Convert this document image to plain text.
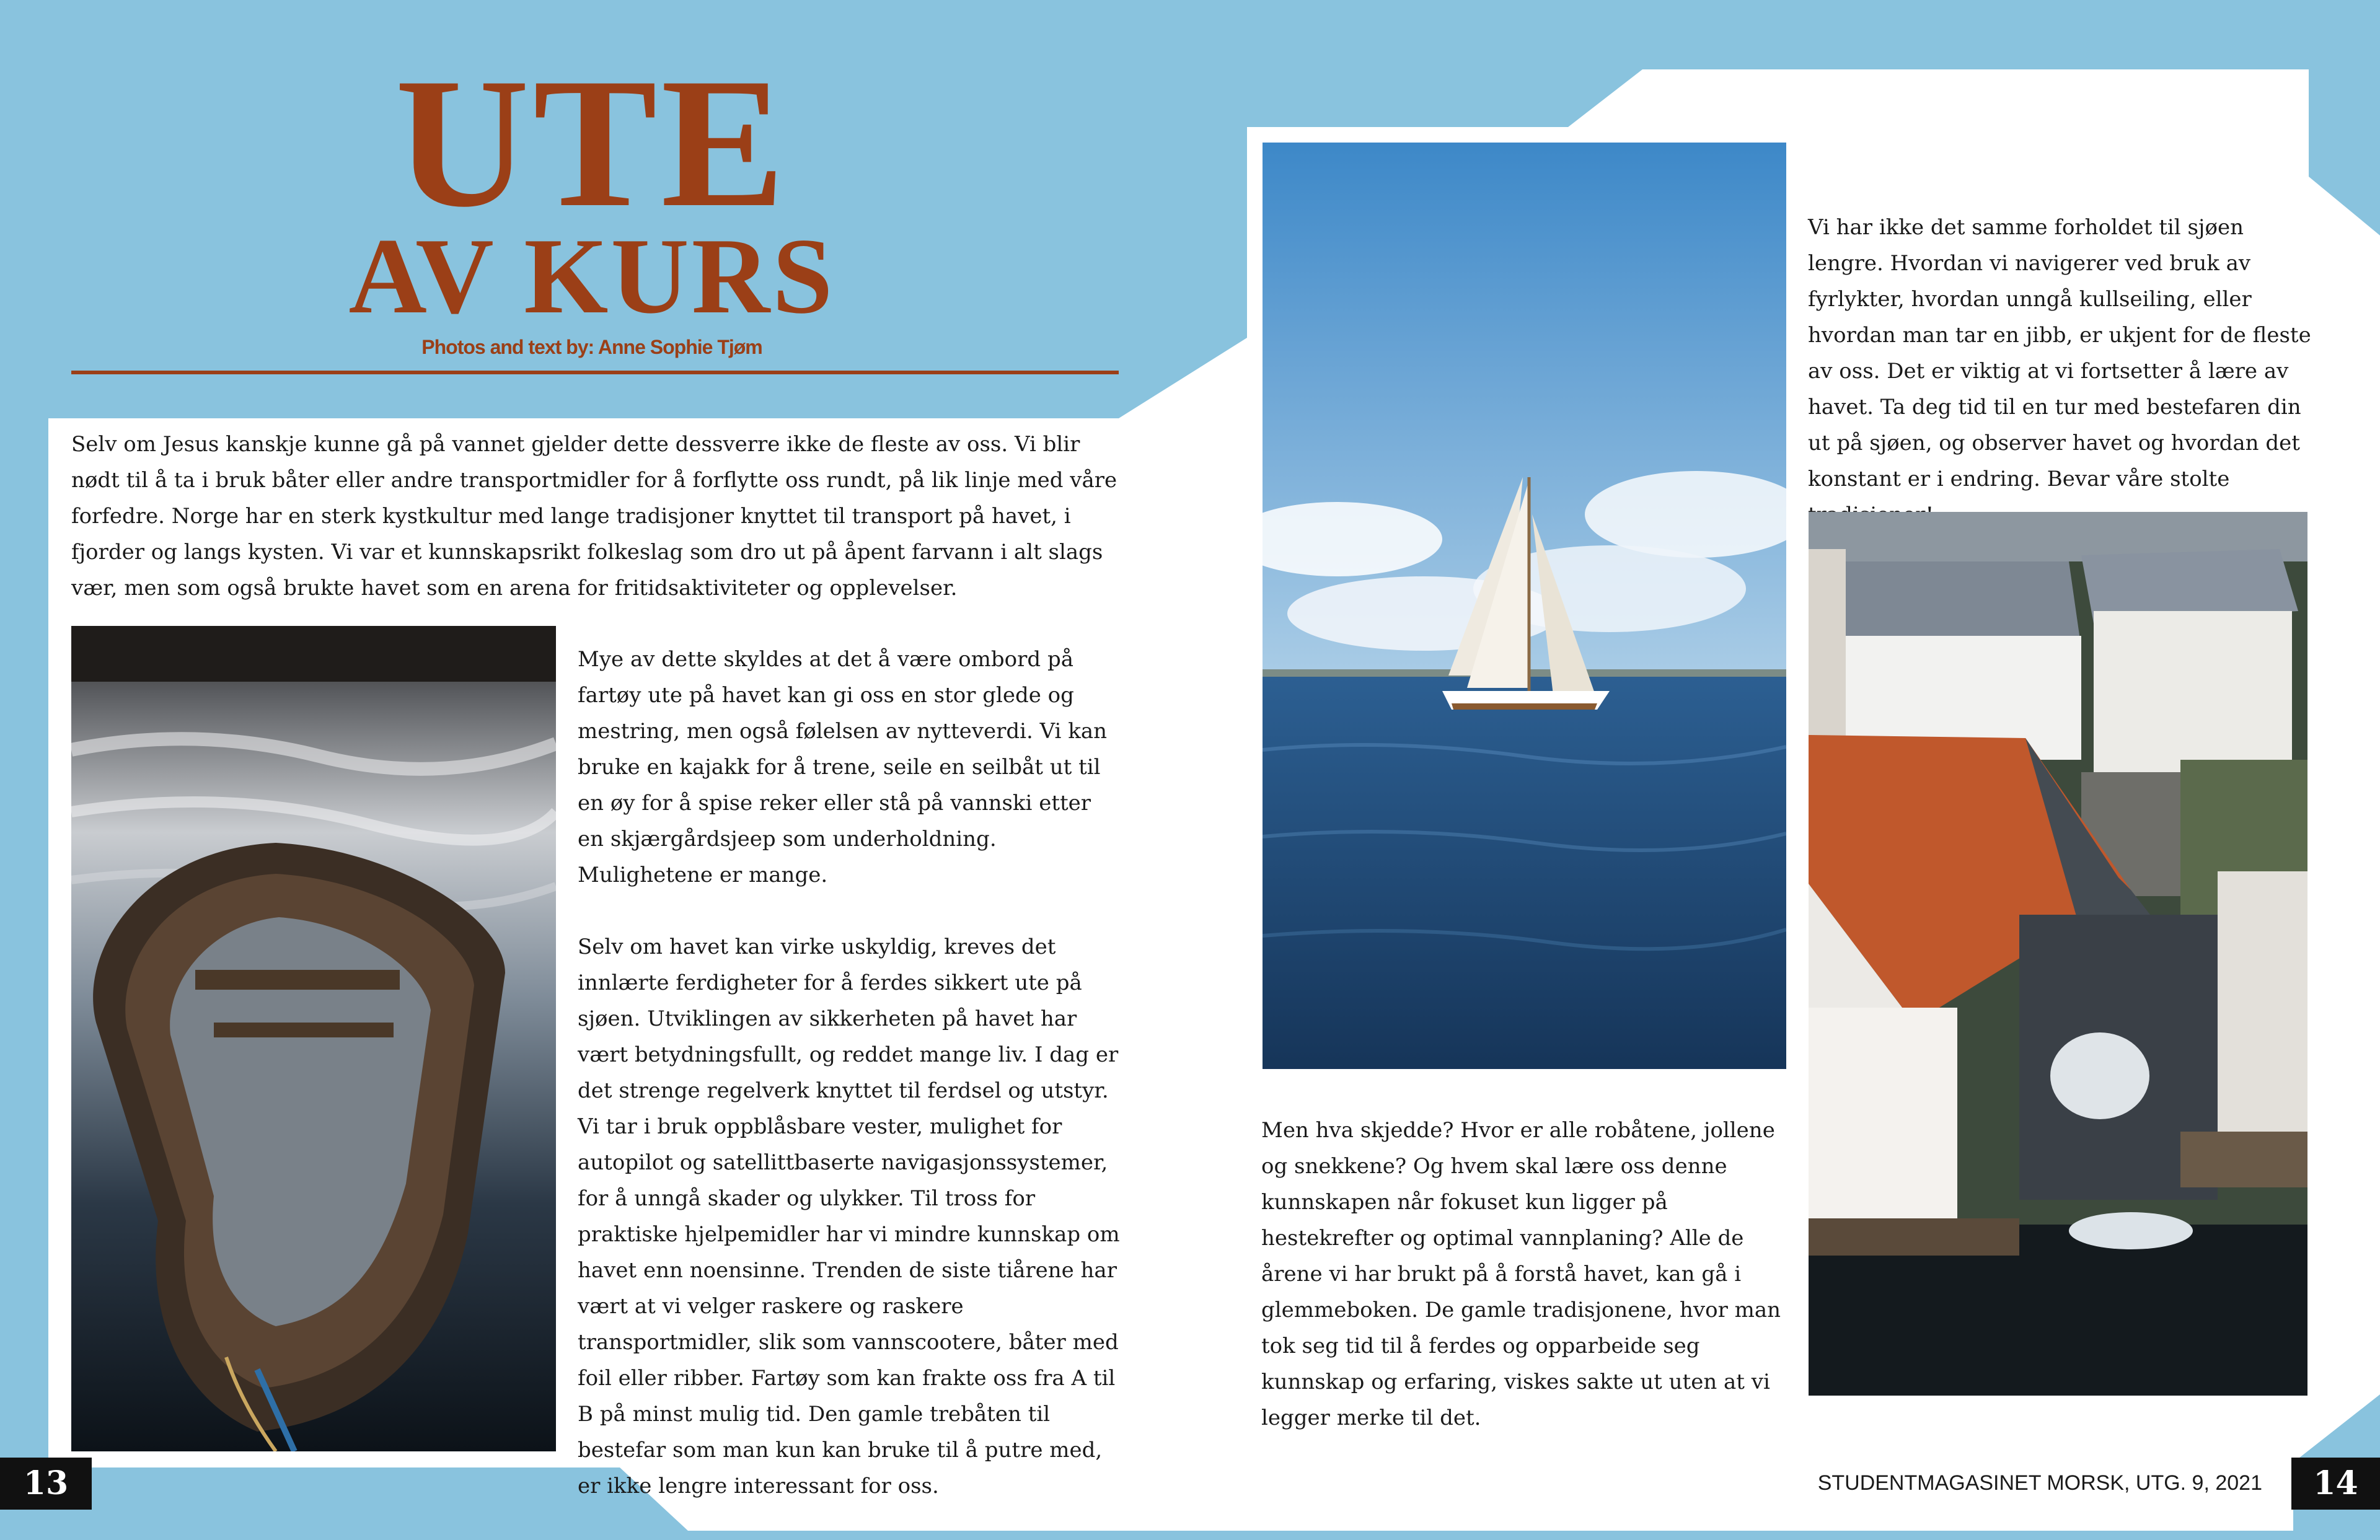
UTE
AV KURS
Photos and text by: Anne Sophie Tjøm

Selv om Jesus kanskje kunne gå på vannet gjelder dette dessverre ikke de fleste av oss. Vi blir nødt til å ta i bruk båter eller andre transportmidler for å forflytte oss rundt, på lik linje med våre forfedre. Norge har en sterk kystkultur med lange tradisjoner knyttet til transport på havet, i fjorder og langs kysten. Vi var et kunnskapsrikt folkeslag som dro ut på åpent farvann i alt slags vær, men som også brukte havet som en arena for fritidsaktiviteter og opplevelser.

Mye av dette skyldes at det å være ombord på fartøy ute på havet kan gi oss en stor glede og mestring, men også følelsen av nytteverdi. Vi kan bruke en kajakk for å trene, seile en seilbåt ut til en øy for å spise reker eller stå på vannski etter en skjærgårdsjeep som underholdning. Mulighetene er mange.

Selv om havet kan virke uskyldig, kreves det innlærte ferdigheter for å ferdes sikkert ute på sjøen. Utviklingen av sikkerheten på havet har vært betydningsfullt, og reddet mange liv. I dag er det strenge regelverk knyttet til ferdsel og utstyr. Vi tar i bruk oppblåsbare vester, mulighet for autopilot og satellittbaserte navigasjonssystemer, for å unngå skader og ulykker. Til tross for praktiske hjelpemidler har vi mindre kunnskap om havet enn noensinne. Trenden de siste tiårene har vært at vi velger raskere og raskere transportmidler, slik som vannscootere, båter med foil eller ribber. Fartøy som kan frakte oss fra A til B på minst mulig tid. Den gamle trebåten til bestefar som man kun kan bruke til å putre med, er ikke lengre interessant for oss.

Men hva skjedde? Hvor er alle robåtene, jollene og snekkene? Og hvem skal lære oss denne kunnskapen når fokuset kun ligger på hestekrefter og optimal vannplaning? Alle de årene vi har brukt på å forstå havet, kan gå i glemmeboken. De gamle tradisjonene, hvor man tok seg tid til å ferdes og opparbeide seg kunnskap og erfaring, viskes sakte ut uten at vi legger merke til det.

Vi har ikke det samme forholdet til sjøen lengre. Hvordan vi navigerer ved bruk av fyrlykter, hvordan unngå kullseiling, eller hvordan man tar en jibb, er ukjent for de fleste av oss. Det er viktig at vi fortsetter å lære av havet. Ta deg tid til en tur med bestefaren din ut på sjøen, og observer havet og hvordan det konstant er i endring. Bevar våre stolte

13	STUDENTMAGASINET MORSK, UTG. 9, 2021	14
